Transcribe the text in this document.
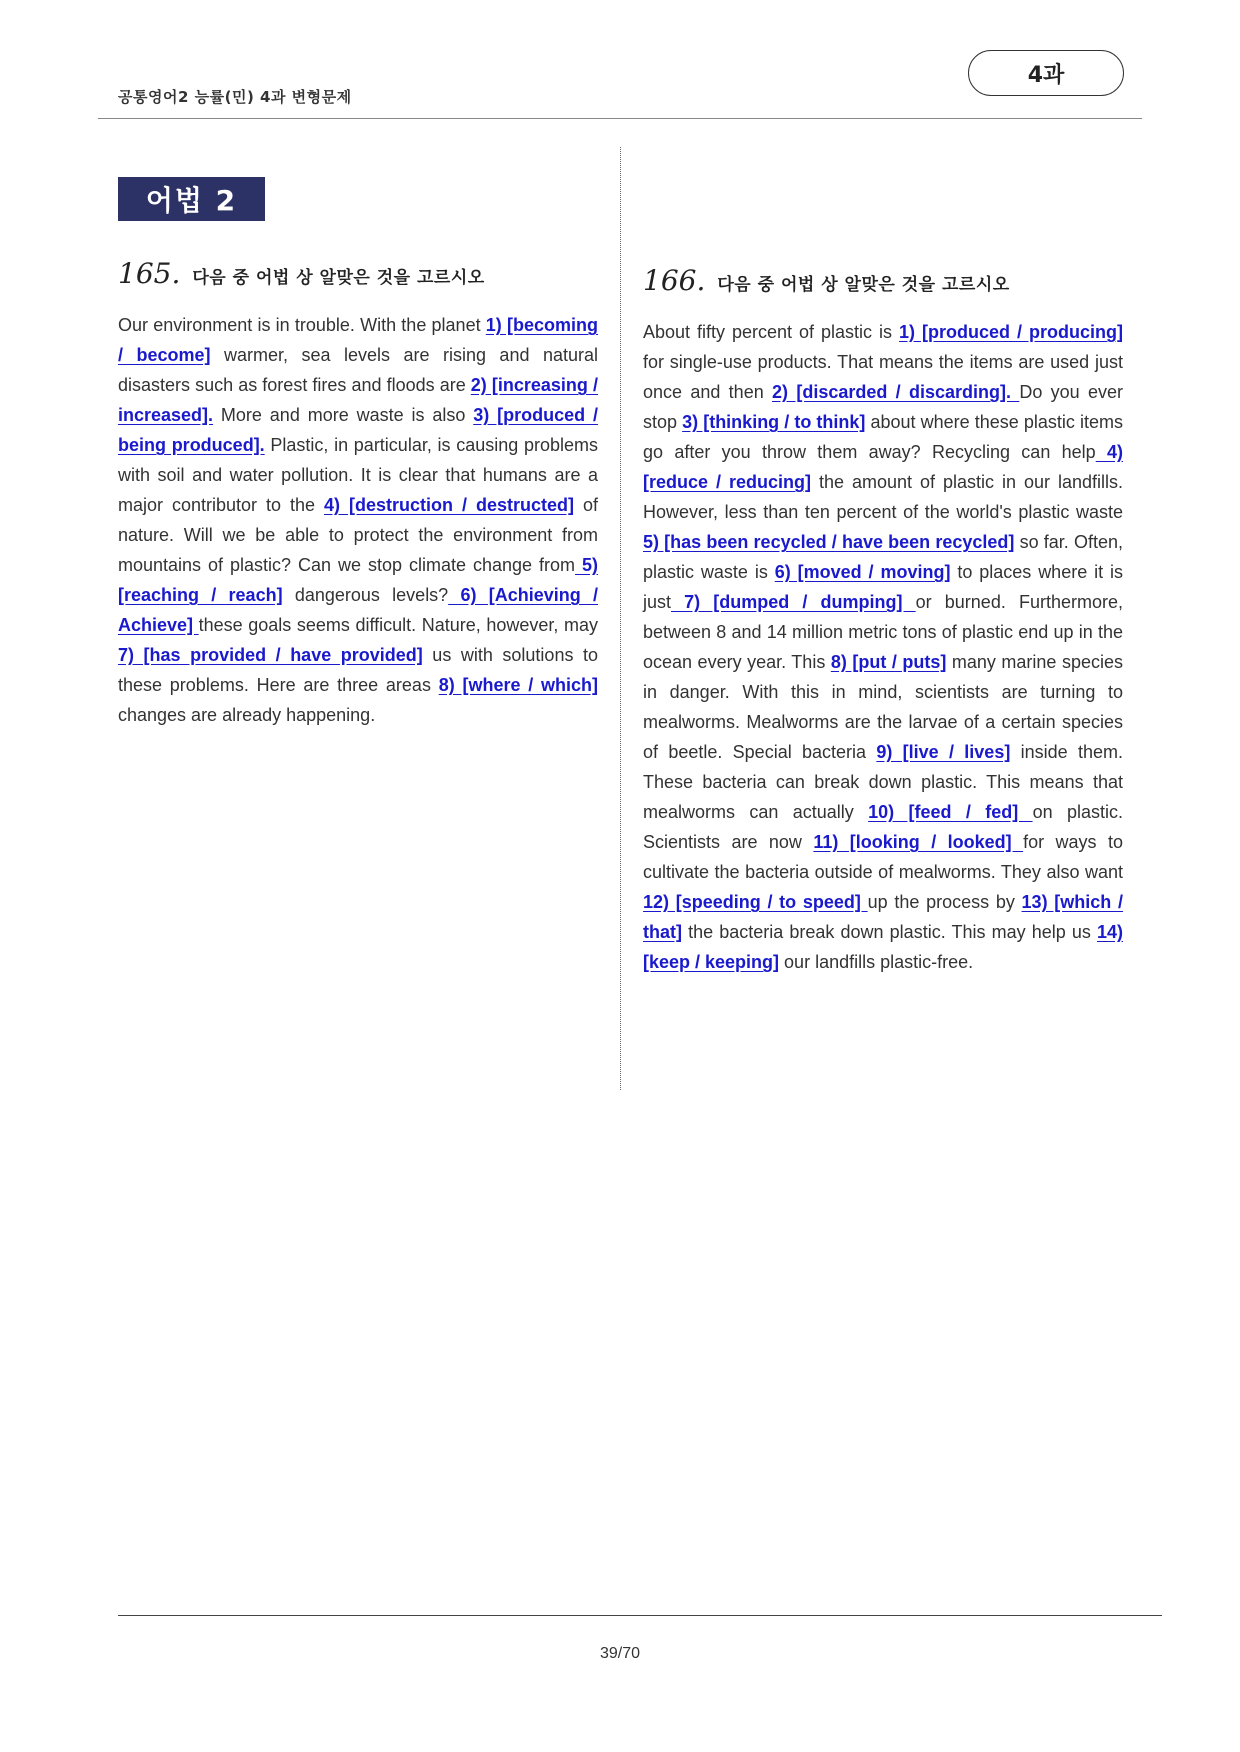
공통영어2 능률(민) 4과 변형문제
4과
어법 2
165. 다음 중 어법 상 알맞은 것을 고르시오

Our environment is in trouble. With the planet 1) [becoming / become] warmer, sea levels are rising and natural disasters such as forest fires and floods are 2) [increasing / increased]. More and more waste is also 3) [produced / being produced]. Plastic, in particular, is causing problems with soil and water pollution. It is clear that humans are a major contributor to the 4) [destruction / destructed] of nature. Will we be able to protect the environment from mountains of plastic? Can we stop climate change from 5) [reaching / reach] dangerous levels? 6) [Achieving / Achieve] these goals seems difficult. Nature, however, may 7) [has provided / have provided] us with solutions to these problems. Here are three areas 8) [where / which] changes are already happening.

166. 다음 중 어법 상 알맞은 것을 고르시오

About fifty percent of plastic is 1) [produced / producing] for single-use products. That means the items are used just once and then 2) [discarded / discarding]. Do you ever stop 3) [thinking / to think] about where these plastic items go after you throw them away? Recycling can help 4) [reduce / reducing] the amount of plastic in our landfills. However, less than ten percent of the world's plastic waste 5) [has been recycled / have been recycled] so far. Often, plastic waste is 6) [moved / moving] to places where it is just 7) [dumped / dumping] or burned. Furthermore, between 8 and 14 million metric tons of plastic end up in the ocean every year. This 8) [put / puts] many marine species in danger. With this in mind, scientists are turning to mealworms. Mealworms are the larvae of a certain species of beetle. Special bacteria 9) [live / lives] inside them. These bacteria can break down plastic. This means that mealworms can actually 10) [feed / fed] on plastic. Scientists are now 11) [looking / looked] for ways to cultivate the bacteria outside of mealworms. They also want 12) [speeding / to speed] up the process by 13) [which / that] the bacteria break down plastic. This may help us 14) [keep / keeping] our landfills plastic-free.

39/70
